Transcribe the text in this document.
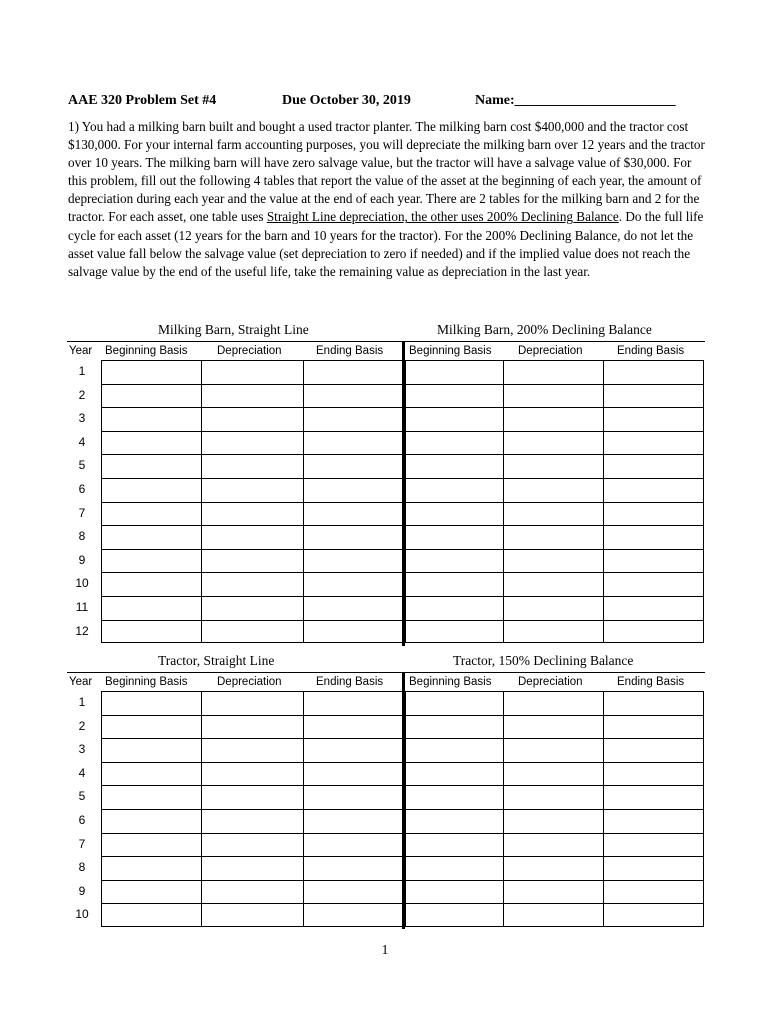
AAE 320 Problem Set #4	Due October 30, 2019	Name:_______________________
1) You had a milking barn built and bought a used tractor planter. The milking barn cost $400,000 and the tractor cost $130,000. For your internal farm accounting purposes, you will depreciate the milking barn over 12 years and the tractor over 10 years. The milking barn will have zero salvage value, but the tractor will have a salvage value of $30,000. For this problem, fill out the following 4 tables that report the value of the asset at the beginning of each year, the amount of depreciation during each year and the value at the end of each year. There are 2 tables for the milking barn and 2 for the tractor. For each asset, one table uses Straight Line depreciation, the other uses 200% Declining Balance. Do the full life cycle for each asset (12 years for the barn and 10 years for the tractor). For the 200% Declining Balance, do not let the asset value fall below the salvage value (set depreciation to zero if needed) and if the implied value does not reach the salvage value by the end of the useful life, take the remaining value as depreciation in the last year.
Milking Barn, Straight Line	Milking Barn, 200% Declining Balance
Year Beginning Basis	Depreciation	Ending Basis Beginning Basis Depreciation	Ending Basis
1
2
3
4
5
6
7
8
9
10
11
12
Tractor, Straight Line	Tractor, 150% Declining Balance
Year Beginning Basis	Depreciation	Ending Basis Beginning Basis Depreciation	Ending Basis
1
2
3
4
5
6
7
8
9
10
1
